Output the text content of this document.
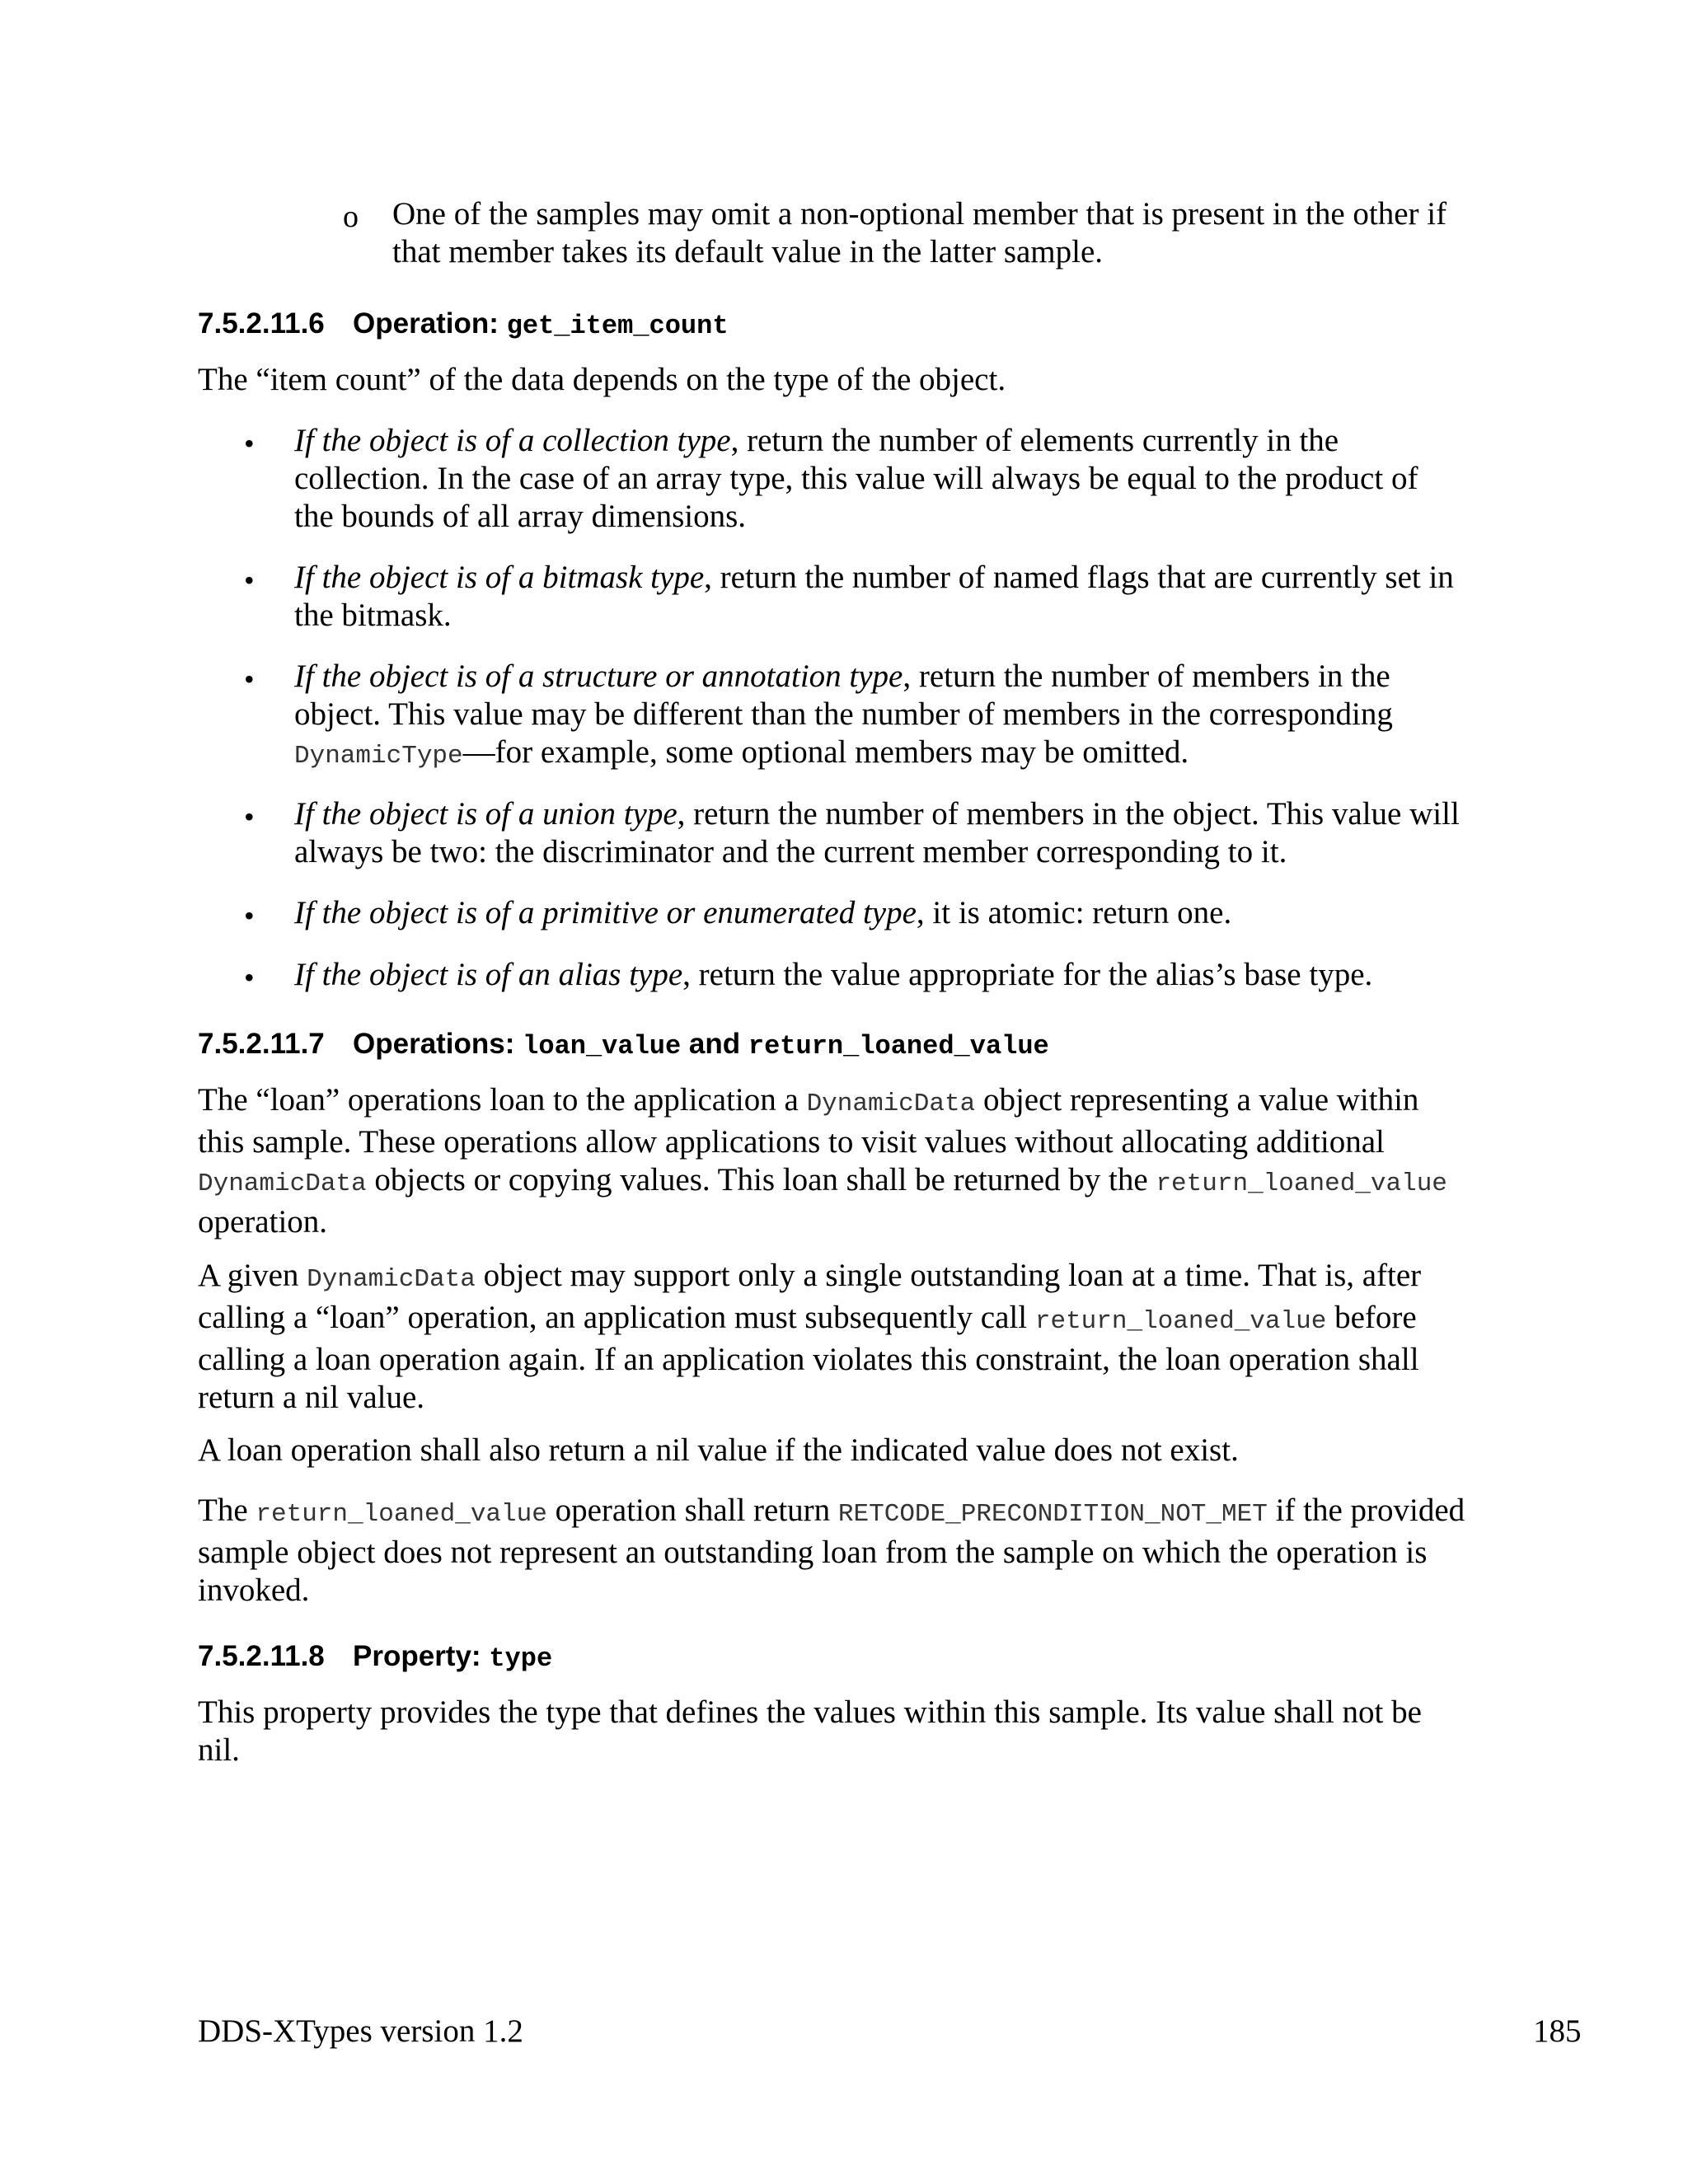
o One of the samples may omit a non-optional member that is present in the other if that member takes its default value in the latter sample.

7.5.2.11.6 Operation: get_item_count

The “item count” of the data depends on the type of the object.

• If the object is of a collection type, return the number of elements currently in the collection. In the case of an array type, this value will always be equal to the product of the bounds of all array dimensions.

• If the object is of a bitmask type, return the number of named flags that are currently set in the bitmask.

• If the object is of a structure or annotation type, return the number of members in the object. This value may be different than the number of members in the corresponding DynamicType—for example, some optional members may be omitted.

• If the object is of a union type, return the number of members in the object. This value will always be two: the discriminator and the current member corresponding to it.

• If the object is of a primitive or enumerated type, it is atomic: return one.

• If the object is of an alias type, return the value appropriate for the alias’s base type.

7.5.2.11.7 Operations: loan_value and return_loaned_value

The “loan” operations loan to the application a DynamicData object representing a value within this sample. These operations allow applications to visit values without allocating additional DynamicData objects or copying values. This loan shall be returned by the return_loaned_value operation.

A given DynamicData object may support only a single outstanding loan at a time. That is, after calling a “loan” operation, an application must subsequently call return_loaned_value before calling a loan operation again. If an application violates this constraint, the loan operation shall return a nil value.

A loan operation shall also return a nil value if the indicated value does not exist.

The return_loaned_value operation shall return RETCODE_PRECONDITION_NOT_MET if the provided sample object does not represent an outstanding loan from the sample on which the operation is invoked.

7.5.2.11.8 Property: type

This property provides the type that defines the values within this sample. Its value shall not be nil.

DDS-XTypes version 1.2	185
